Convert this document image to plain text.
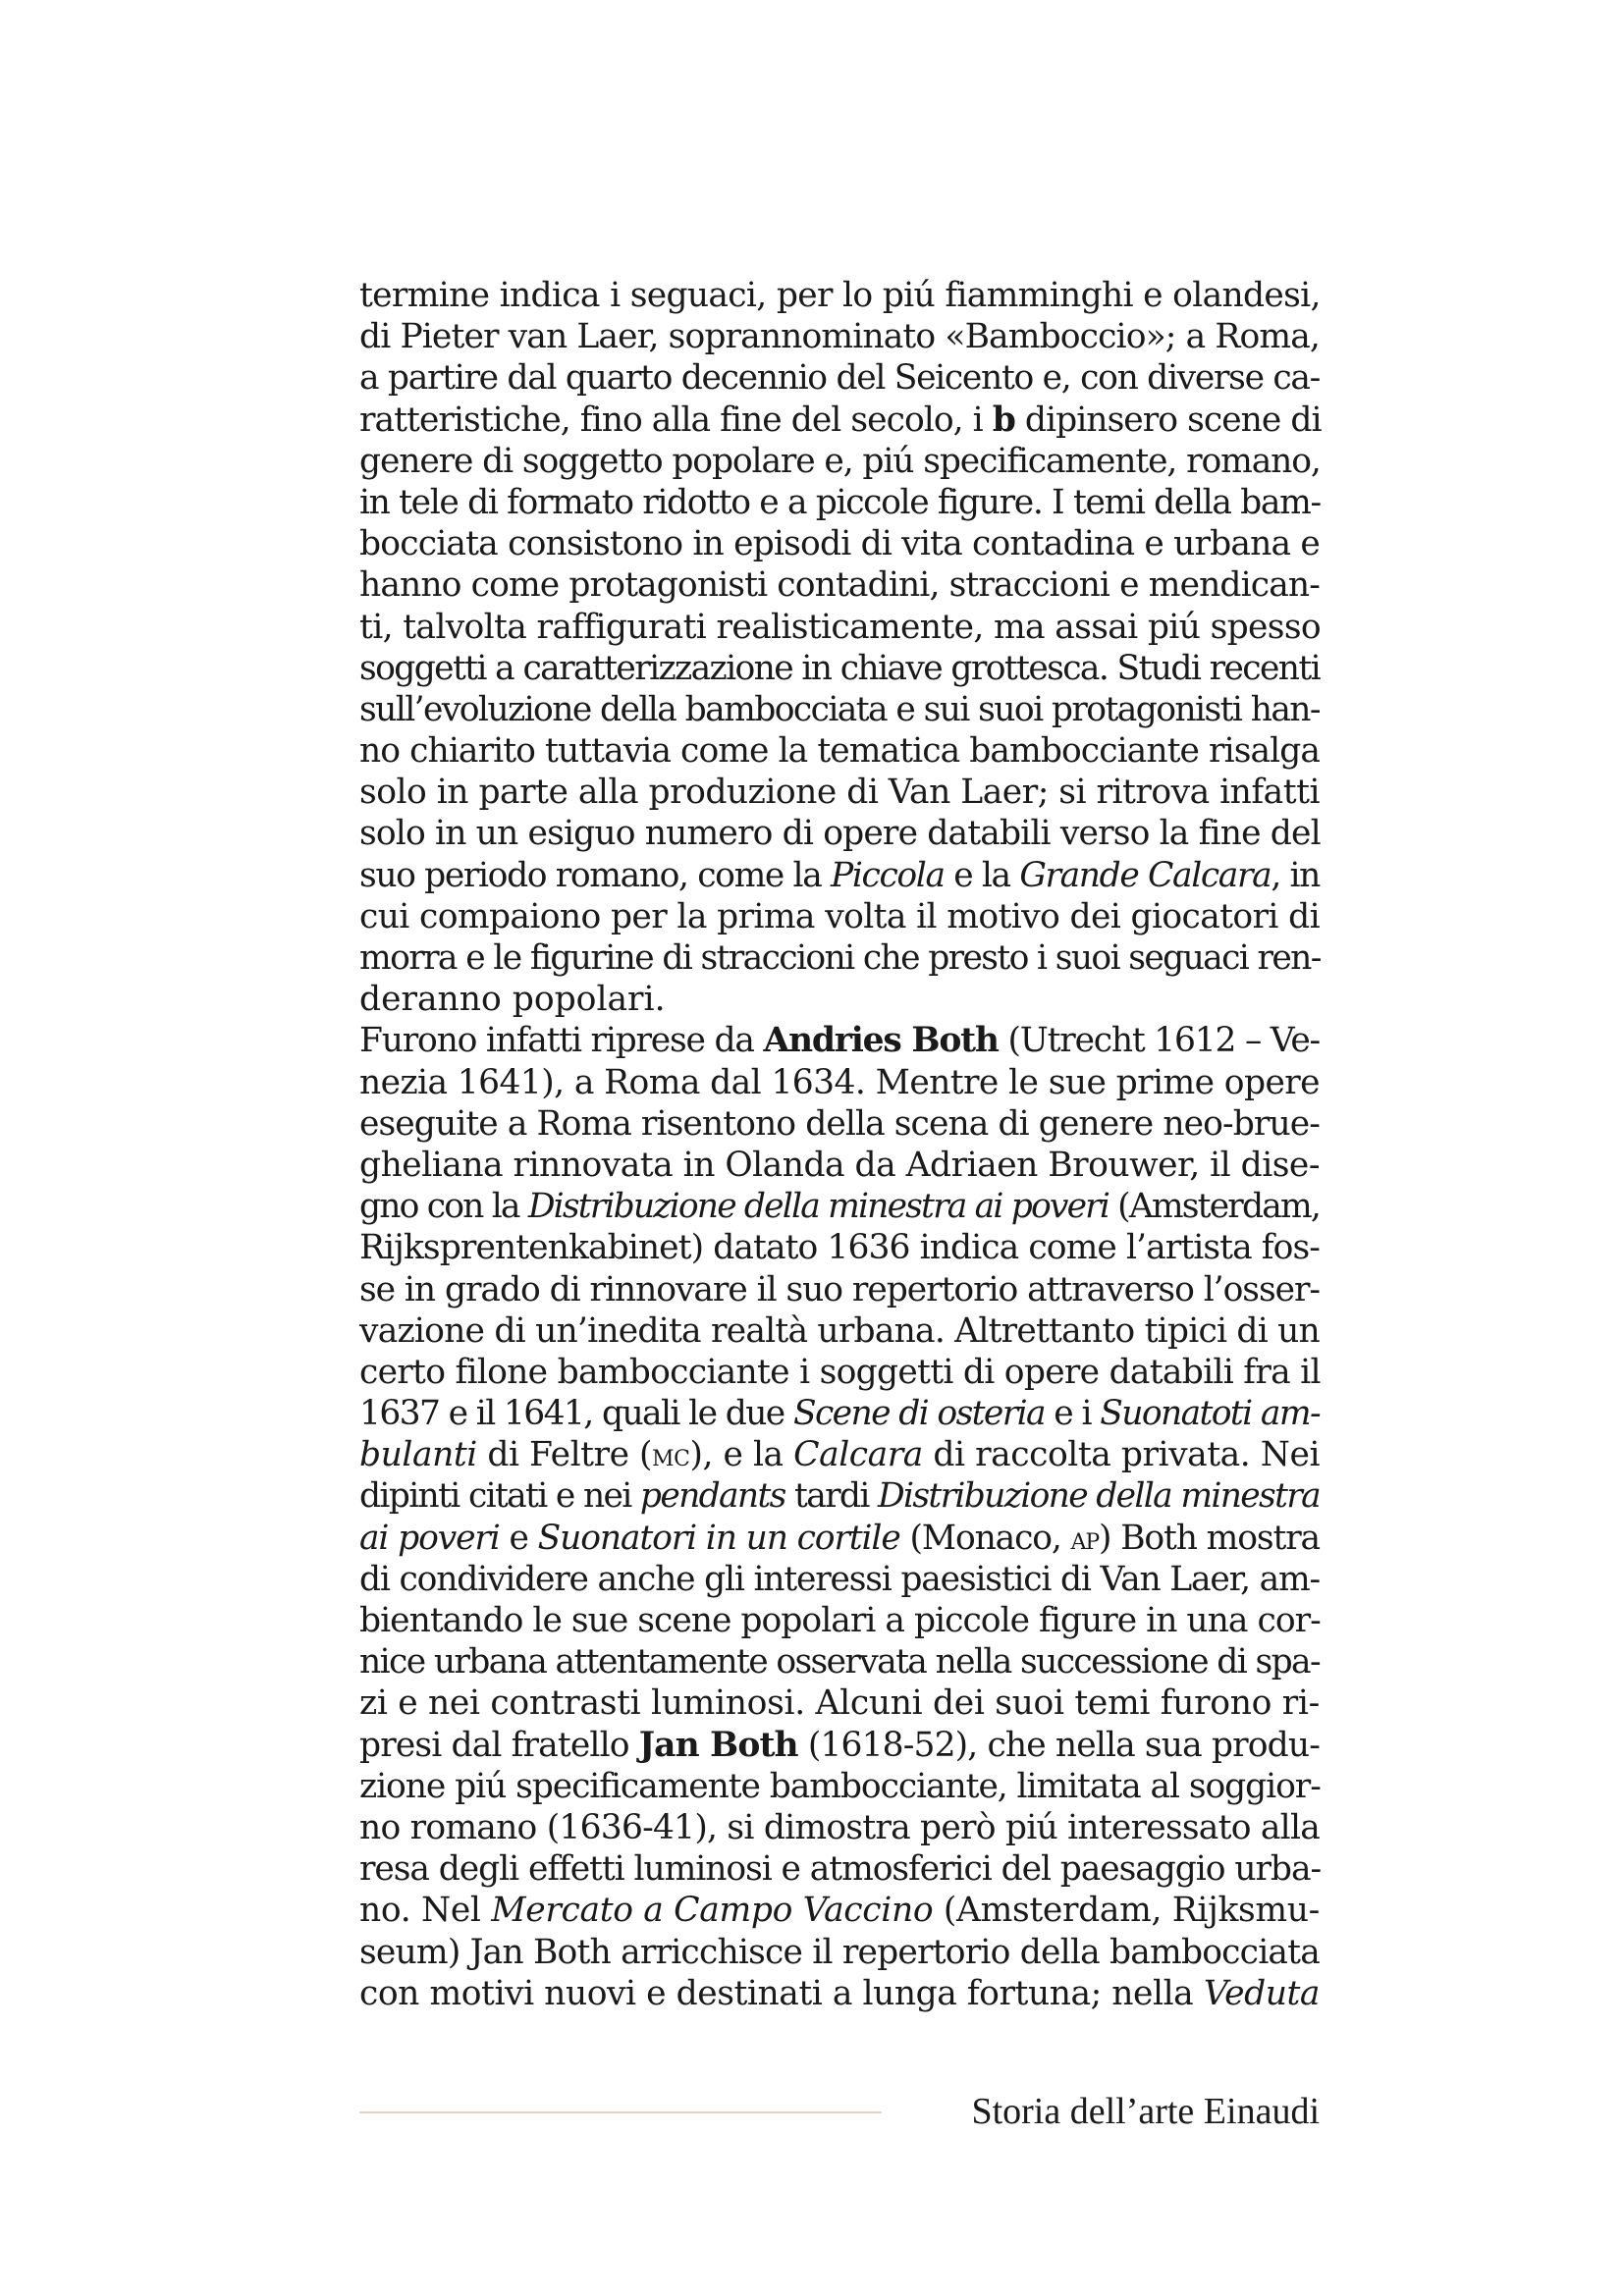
termine indica i seguaci, per lo piú fiamminghi e olandesi,
di Pieter van Laer, soprannominato «Bamboccio»; a Roma,
a partire dal quarto decennio del Seicento e, con diverse ca-
ratteristiche, fino alla fine del secolo, i b dipinsero scene di
genere di soggetto popolare e, piú specificamente, romano,
in tele di formato ridotto e a piccole figure. I temi della bam-
bocciata consistono in episodi di vita contadina e urbana e
hanno come protagonisti contadini, straccioni e mendican-
ti, talvolta raffigurati realisticamente, ma assai piú spesso
soggetti a caratterizzazione in chiave grottesca. Studi recenti
sull’evoluzione della bambocciata e sui suoi protagonisti han-
no chiarito tuttavia come la tematica bambocciante risalga
solo in parte alla produzione di Van Laer; si ritrova infatti
solo in un esiguo numero di opere databili verso la fine del
suo periodo romano, come la Piccola e la Grande Calcara, in
cui compaiono per la prima volta il motivo dei giocatori di
morra e le figurine di straccioni che presto i suoi seguaci ren-
deranno popolari.
Furono infatti riprese da Andries Both (Utrecht 1612 – Ve-
nezia 1641), a Roma dal 1634. Mentre le sue prime opere
eseguite a Roma risentono della scena di genere neo-brue-
gheliana rinnovata in Olanda da Adriaen Brouwer, il dise-
gno con la Distribuzione della minestra ai poveri (Amsterdam,
Rijksprentenkabinet) datato 1636 indica come l’artista fos-
se in grado di rinnovare il suo repertorio attraverso l’osser-
vazione di un’inedita realtà urbana. Altrettanto tipici di un
certo filone bambocciante i soggetti di opere databili fra il
1637 e il 1641, quali le due Scene di osteria e i Suonatoti am-
bulanti di Feltre (mc), e la Calcara di raccolta privata. Nei
dipinti citati e nei pendants tardi Distribuzione della minestra
ai poveri e Suonatori in un cortile (Monaco, ap) Both mostra
di condividere anche gli interessi paesistici di Van Laer, am-
bientando le sue scene popolari a piccole figure in una cor-
nice urbana attentamente osservata nella successione di spa-
zi e nei contrasti luminosi. Alcuni dei suoi temi furono ri-
presi dal fratello Jan Both (1618-52), che nella sua produ-
zione piú specificamente bambocciante, limitata al soggior-
no romano (1636-41), si dimostra però piú interessato alla
resa degli effetti luminosi e atmosferici del paesaggio urba-
no. Nel Mercato a Campo Vaccino (Amsterdam, Rijksmu-
seum) Jan Both arricchisce il repertorio della bambocciata
con motivi nuovi e destinati a lunga fortuna; nella Veduta
Storia dell’arte Einaudi
